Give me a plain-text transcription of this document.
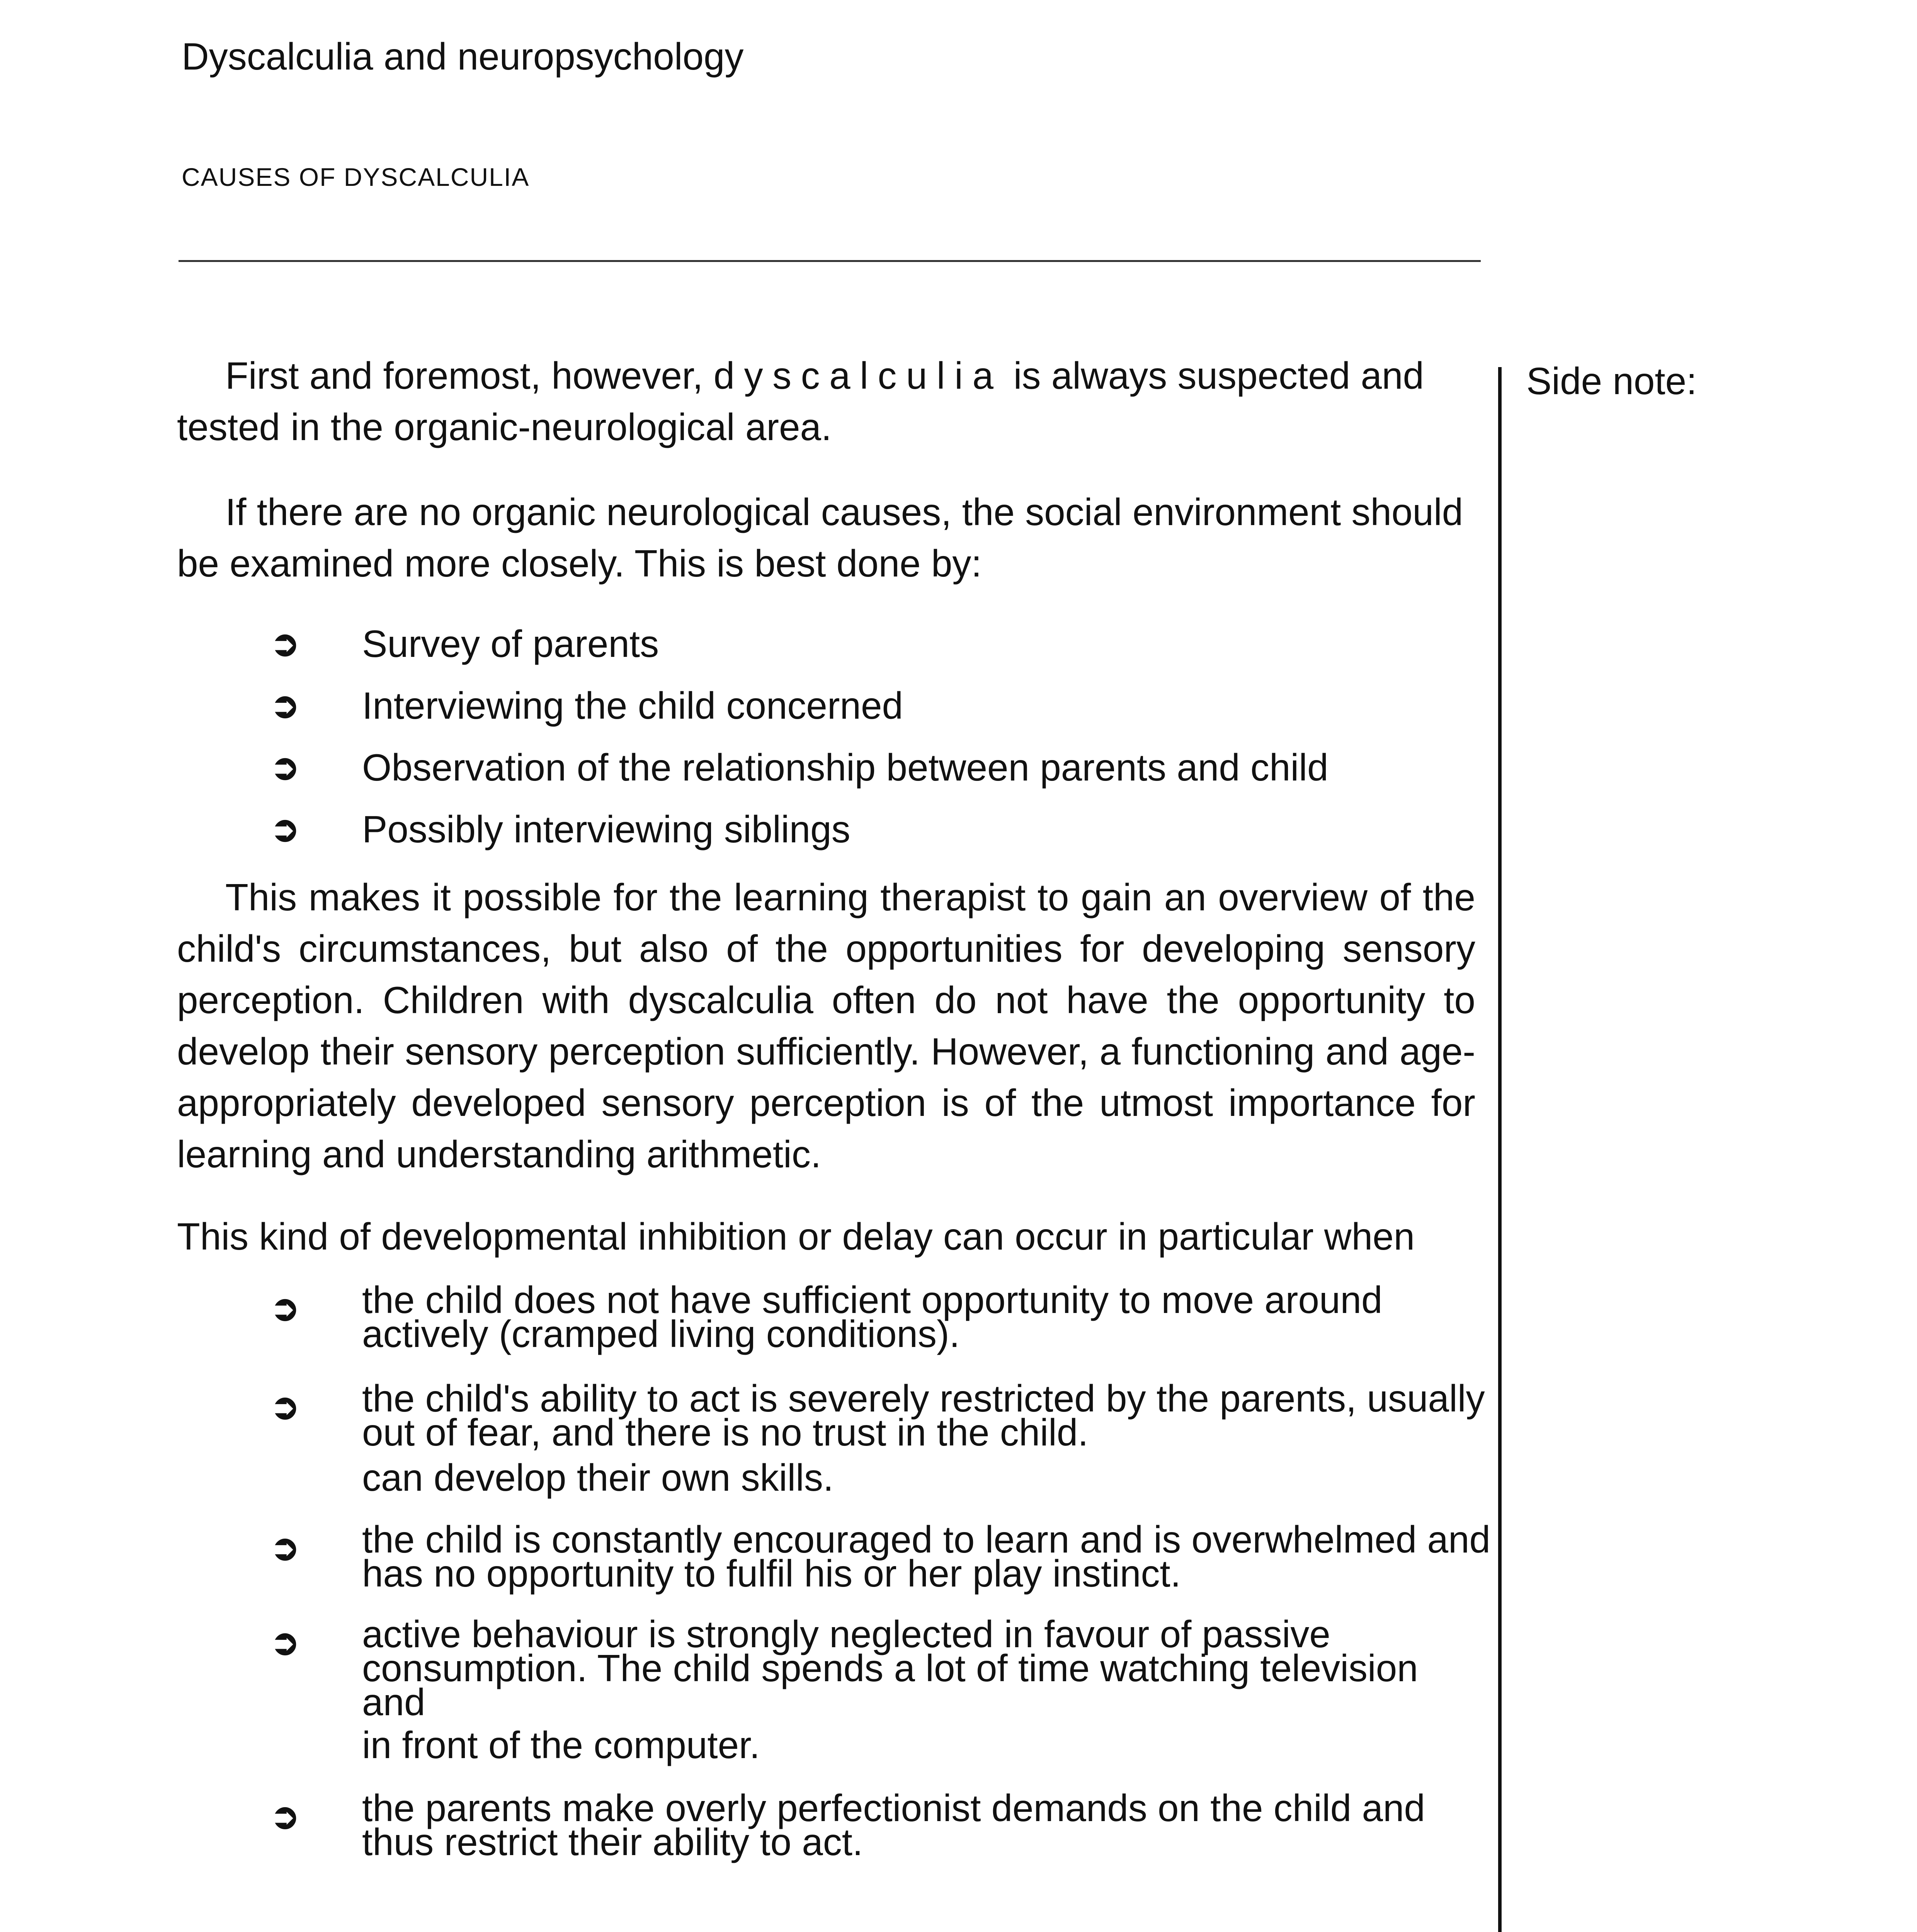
Dyscalculia and neuropsychology
CAUSES OF DYSCALCULIA
Side note:

First and foremost, however, dyscalculia is always suspected and tested in the organic-neurological area.

If there are no organic neurological causes, the social environment should be examined more closely. This is best done by:

➲	Survey of parents
➲	Interviewing the child concerned
➲	Observation of the relationship between parents and child
➲	Possibly interviewing siblings

This makes it possible for the learning therapist to gain an overview of the child's circumstances, but also of the opportunities for developing sensory perception. Children with dyscalculia often do not have the opportunity to develop their sensory perception sufficiently. However, a functioning and age-appropriately developed sensory perception is of the utmost importance for learning and understanding arithmetic.

This kind of developmental inhibition or delay can occur in particular when

➲	the child does not have sufficient opportunity to move around actively (cramped living conditions).
➲	the child's ability to act is severely restricted by the parents, usually out of fear, and there is no trust in the child.
can develop their own skills.
➲	the child is constantly encouraged to learn and is overwhelmed and has no opportunity to fulfil his or her play instinct.
➲	active behaviour is strongly neglected in favour of passive consumption. The child spends a lot of time watching television and
in front of the computer.
➲	the parents make overly perfectionist demands on the child and thus restrict their ability to act.
